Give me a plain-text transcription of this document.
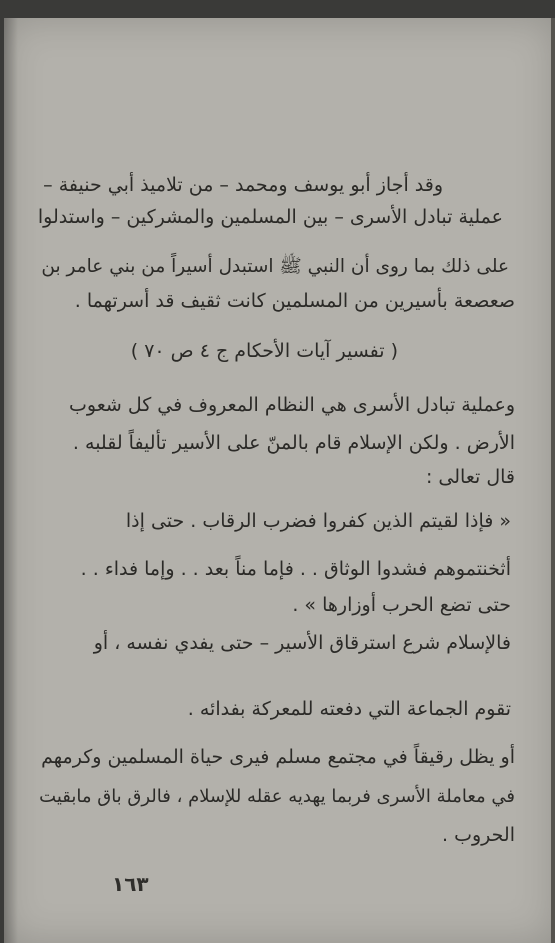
وقد أجاز أبو يوسف ومحمد – من تلاميذ أبي حنيفة –
عملية تبادل الأسرى – بين المسلمين والمشركين – واستدلوا
على ذلك بما روى أن النبي ﷺ استبدل أسيراً من بني عامر بن
صعصعة بأسيرين من المسلمين كانت ثقيف قد أسرتهما .
( تفسير آيات الأحكام ج ٤ ص ٧٠ )
وعملية تبادل الأسرى هي النظام المعروف في كل شعوب
الأرض . ولكن الإسلام قام بالمنّ على الأسير تأليفاً لقلبه .
قال تعالى :
« فإذا لقيتم الذين كفروا فضرب الرقاب . حتى إذا
أثخنتموهم فشدوا الوثاق . . فإما مناً بعد . . وإما فداء . .
حتى تضع الحرب أوزارها » .
فالإسلام شرع استرقاق الأسير – حتى يفدي نفسه ، أو
تقوم الجماعة التي دفعته للمعركة بفدائه .
أو يظل رقيقاً في مجتمع مسلم فيرى حياة المسلمين وكرمهم
في معاملة الأسرى فربما يهديه عقله للإسلام ، فالرق باق مابقيت
الحروب .
١٦٣
